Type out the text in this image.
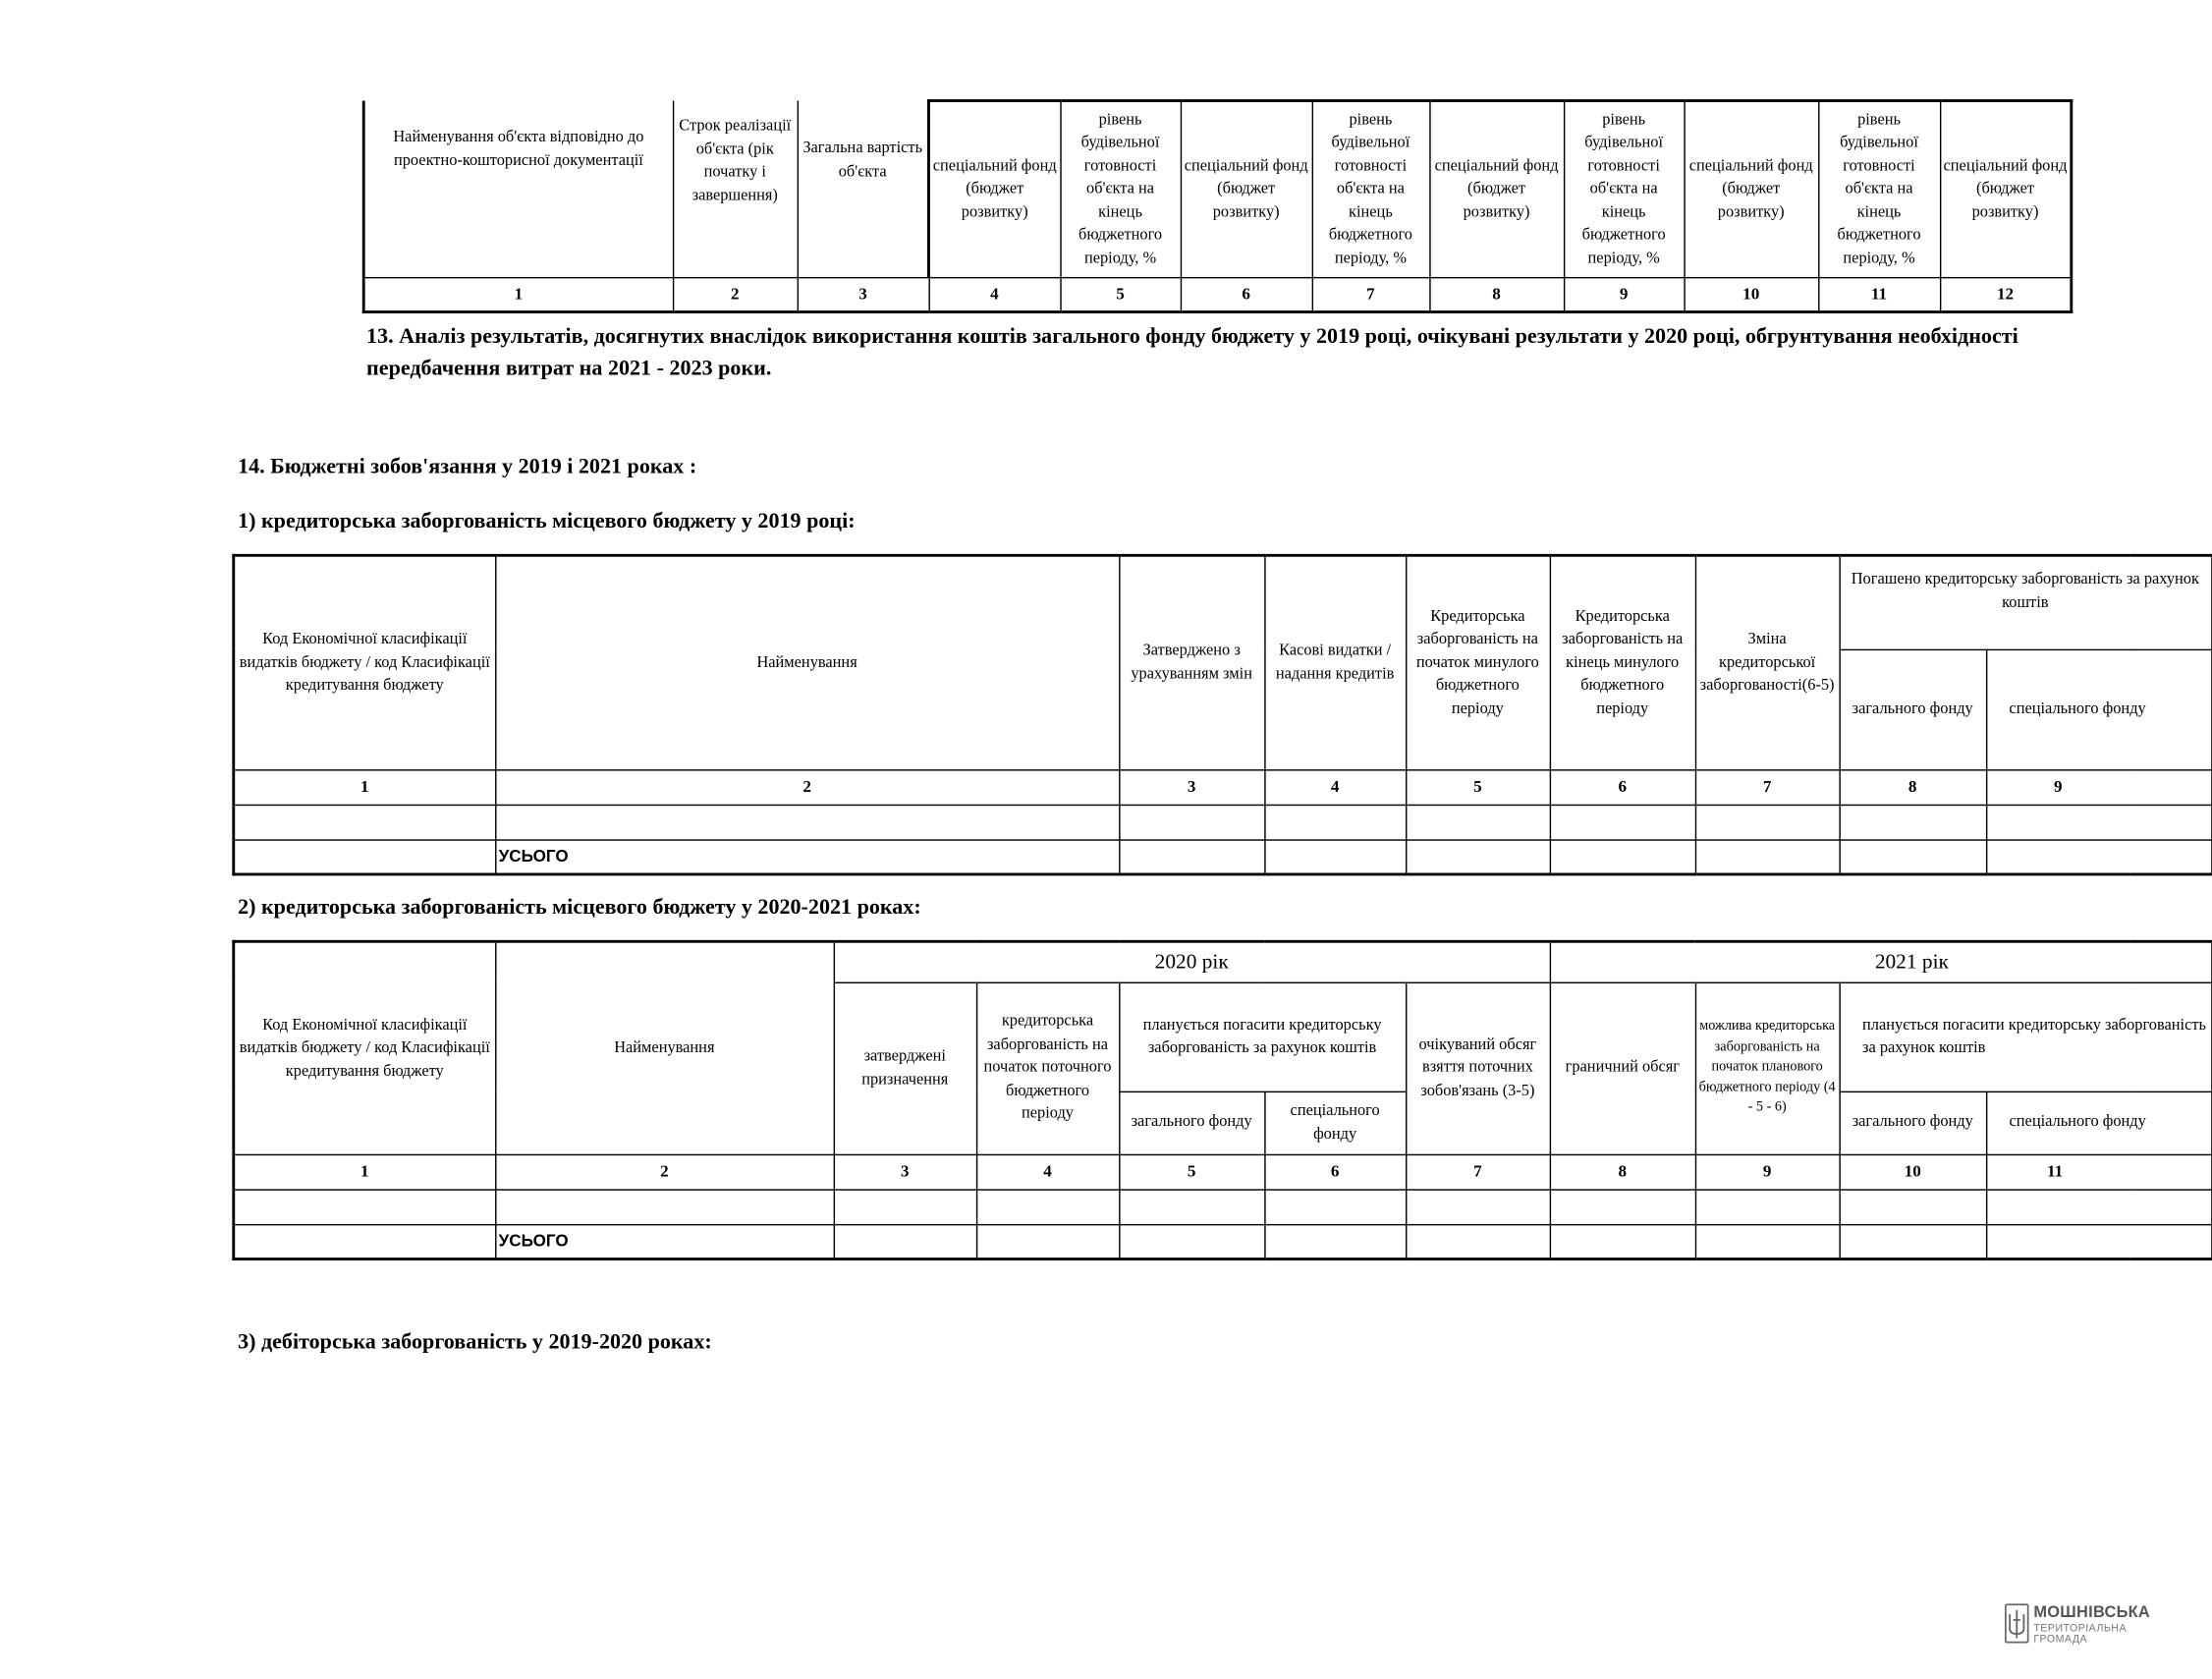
Найменування об'єкта відповідно до проектно-кошторисної документації	Строк реалізації об'єкта (рік початку і завершення)	Загальна вартість об'єкта	спеціальний фонд (бюджет розвитку)	рівень будівельної готовності об'єкта на кінець бюджетного періоду, %	спеціальний фонд (бюджет розвитку)	рівень будівельної готовності об'єкта на кінець бюджетного періоду, %	спеціальний фонд (бюджет розвитку)	рівень будівельної готовності об'єкта на кінець бюджетного періоду, %	спеціальний фонд (бюджет розвитку)	рівень будівельної готовності об'єкта на кінець бюджетного періоду, %	спеціальний фонд (бюджет розвитку)
1	2	3	4	5	6	7	8	9	10	11	12
13. Аналіз результатів, досягнутих внаслідок використання коштів загального фонду бюджету у 2019 році, очікувані результати у 2020 році, обгрунтування необхідності
передбачення витрат на 2021 - 2023 роки.
14. Бюджетні зобов'язання у 2019 і 2021 роках :
1) кредиторська заборгованість місцевого бюджету у 2019 році:
Код Економічної класифікації видатків бюджету / код Класифікації кредитування бюджету	Найменування	Затверджено з урахуванням змін	Касові видатки / надання кредитів	Кредиторська заборгованість на початок минулого бюджетного періоду	Кредиторська заборгованість на кінець минулого бюджетного періоду	Зміна кредиторської заборгованості(6-5)	Погашено кредиторську заборгованість за рахунок коштів	
							загального фонду	спеціального фонду
1	2	3	4	5	6	7	8	9

	УСЬОГО							
2) кредиторська заборгованість місцевого бюджету у 2020-2021 роках:
Код Економічної класифікації видатків бюджету / код Класифікації кредитування бюджету	Найменування	2020 рік					2021 рік			
		затверджені призначення	кредиторська заборгованість на початок поточного бюджетного періоду	планується погасити кредиторську заборгованість за рахунок коштів		очікуваний обсяг взяття поточних зобов'язань (3-5)	граничний обсяг	можлива кредиторська заборгованість на початок планового бюджетного періоду (4 - 5 - 6)	планується погасити кредиторську заборгованість за рахунок коштів	
				загального фонду	спеціального фонду				загального фонду	спеціального фонду
1	2	3	4	5	6	7	8	9	10	11

	УСЬОГО									
3) дебіторська заборгованість у 2019-2020 роках:
МОШНІВСЬКА
ТЕРИТОРІАЛЬНА
ГРОМАДА
